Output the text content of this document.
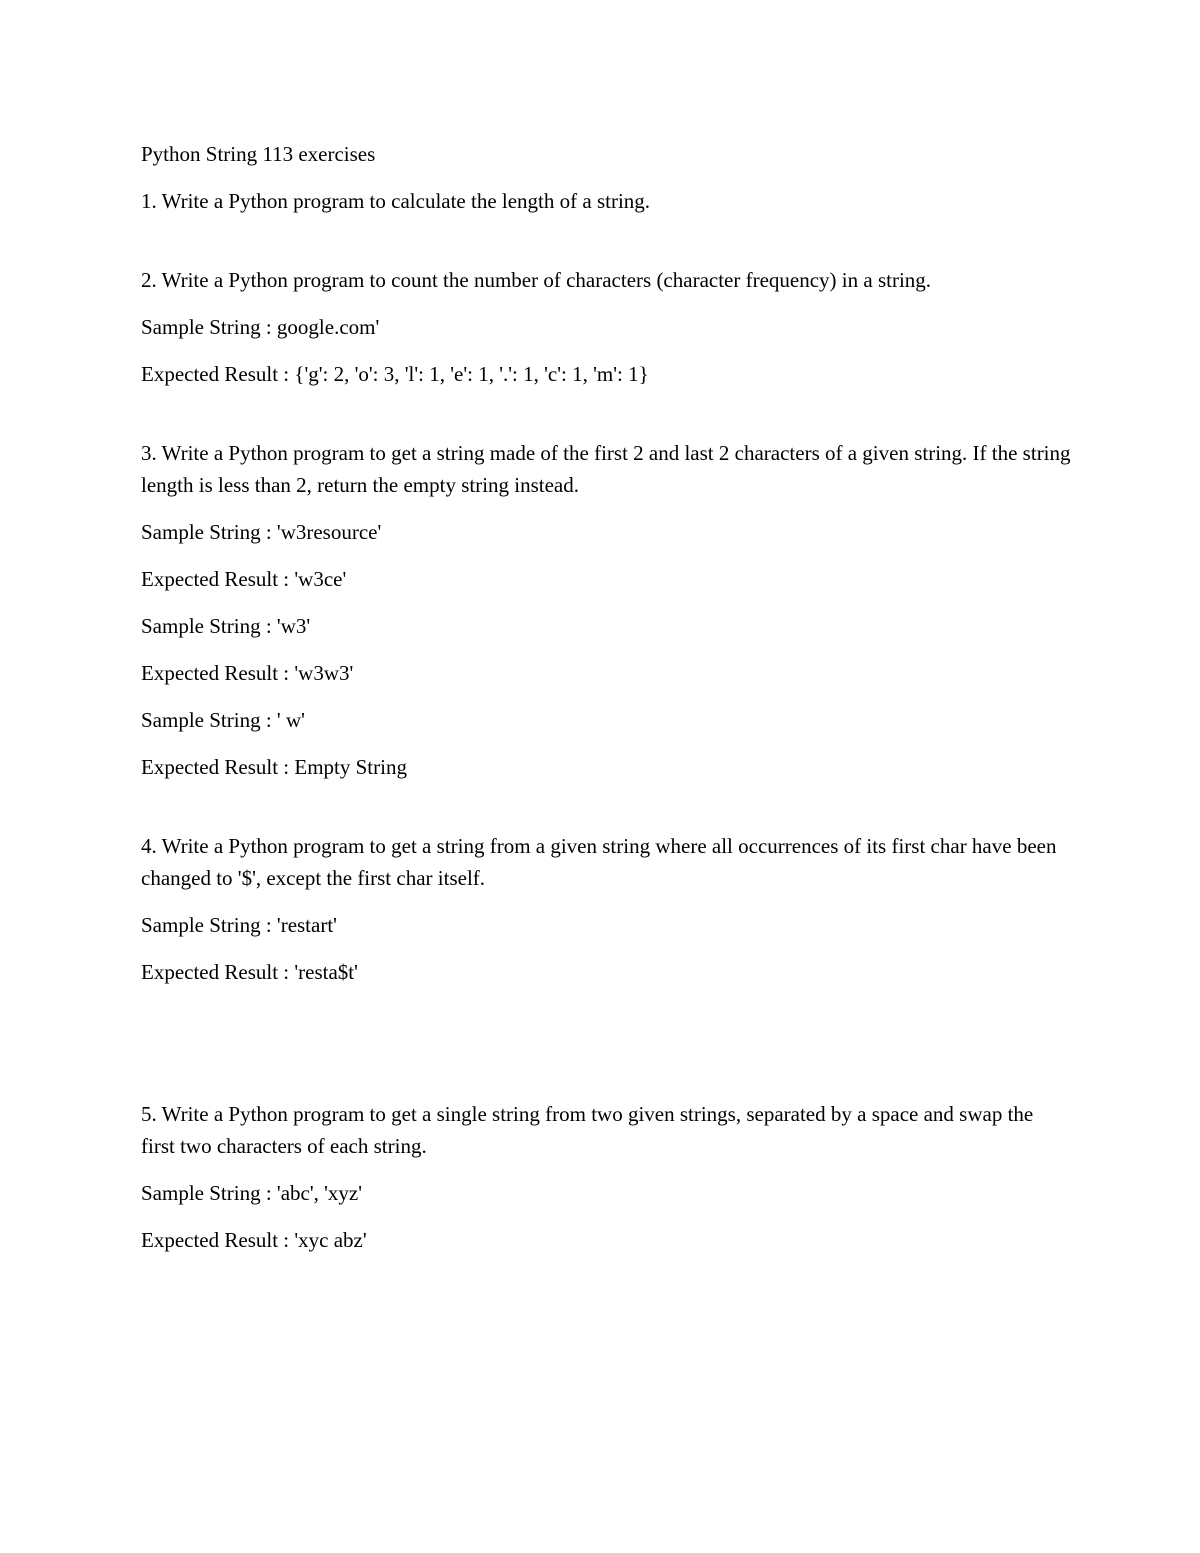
Python String 113 exercises

1. Write a Python program to calculate the length of a string.

2. Write a Python program to count the number of characters (character frequency) in a string.

Sample String : google.com'

Expected Result : {'g': 2, 'o': 3, 'l': 1, 'e': 1, '.': 1, 'c': 1, 'm': 1}

3. Write a Python program to get a string made of the first 2 and last 2 characters of a given string. If the string length is less than 2, return the empty string instead.

Sample String : 'w3resource'

Expected Result : 'w3ce'

Sample String : 'w3'

Expected Result : 'w3w3'

Sample String : ' w'

Expected Result : Empty String

4. Write a Python program to get a string from a given string where all occurrences of its first char have been changed to '$', except the first char itself.

Sample String : 'restart'

Expected Result : 'resta$t'

5. Write a Python program to get a single string from two given strings, separated by a space and swap the first two characters of each string.

Sample String : 'abc', 'xyz'

Expected Result : 'xyc abz'
